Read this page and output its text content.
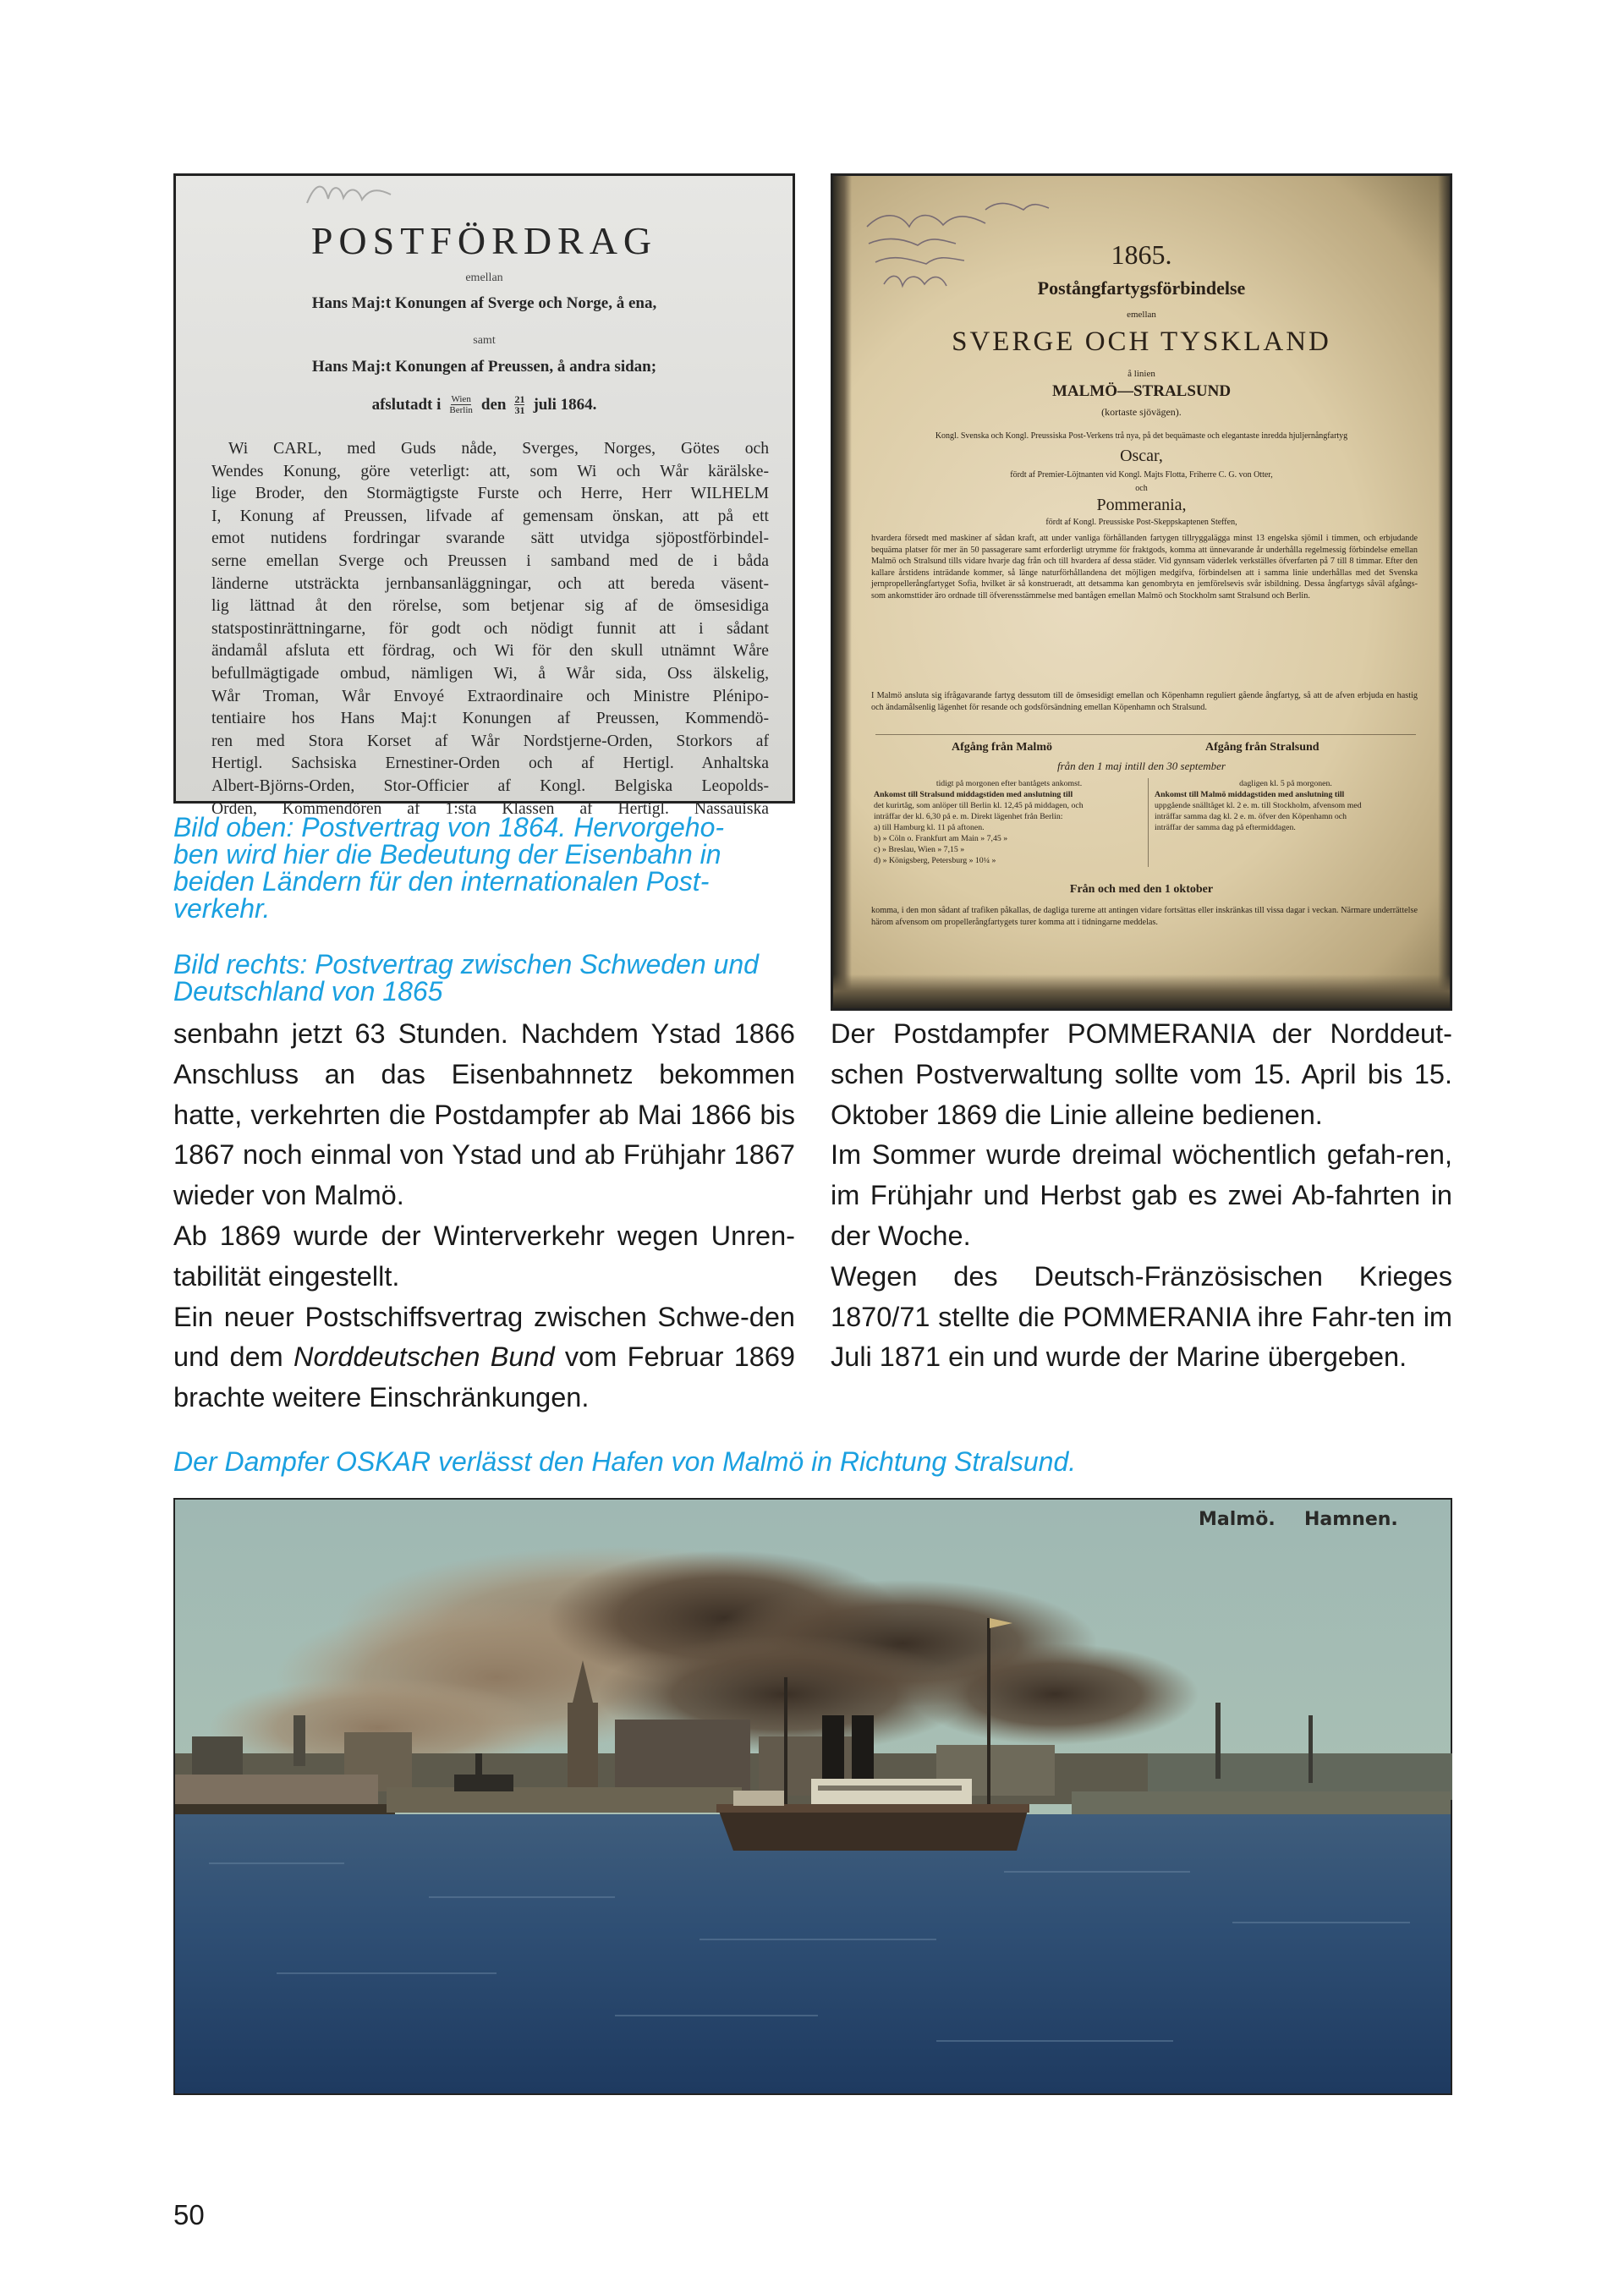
POSTFÖRDRAG
emellan
Hans Maj:t Konungen af Sverge och Norge, å ena,
samt
Hans Maj:t Konungen af Preussen, å andra sidan;
afslutadt i Wien
Berlin den 21
31 juli 1864.
Wi CARL, med Guds nåde, Sverges, Norges, Götes och
Wendes Konung, göre veterligt: att, som Wi och Wår kärälske-
lige Broder, den Stormägtigste Furste och Herre, Herr WILHELM
I, Konung af Preussen, lifvade af gemensam önskan, att på ett
emot nutidens fordringar svarande sätt utvidga sjöpostförbindel-
serne emellan Sverge och Preussen i samband med de i båda
länderne utsträckta jernbansanläggningar, och att bereda väsent-
lig lättnad åt den rörelse, som betjenar sig af de ömsesidiga
statspostinrättningarne, för godt och nödigt funnit att i sådant
ändamål afsluta ett fördrag, och Wi för den skull utnämnt Wåre
befullmägtigade ombud, nämligen Wi, å Wår sida, Oss älskelig,
Wår Troman, Wår Envoyé Extraordinaire och Ministre Plénipo-
tentiaire hos Hans Maj:t Konungen af Preussen, Kommendö-
ren med Stora Korset af Wår Nordstjerne-Orden, Storkors af
Hertigl. Sachsiska Ernestiner-Orden och af Hertigl. Anhaltska
Albert-Björns-Orden, Stor-Officier af Kongl. Belgiska Leopolds-
Orden, Kommendören af 1:sta Klassen af Hertigl. Nassauiska
1865.
Postångfartygsförbindelse
emellan
SVERGE OCH TYSKLAND
å linien
MALMÖ—STRALSUND
(kortaste sjövägen).
Kongl. Svenska och Kongl. Preussiska Post-Verkens trå nya, på det bequämaste och elegantaste inredda hjuljernångfartyg
Oscar,
fördt af Premier-Löjtnanten vid Kongl. Majts Flotta, Friherre C. G. von Otter,
och
Pommerania,
fördt af Kongl. Preussiske Post-Skeppskaptenen Steffen,
hvardera försedt med maskiner af sådan kraft, att under vanliga förhållanden fartygen tillryggalägga minst 13 engelska sjömil i timmen, och erbjudande bequäma platser för mer än 50 passagerare samt erforderligt utrymme för fraktgods, komma att ünnevarande år underhålla regelmessig förbindelse emellan Malmö och Stralsund tills vidare hvarje dag från och till hvardera af dessa städer. Vid gynnsam väderlek verkställes öfverfarten på 7 till 8 timmar. Efter den kallare årstidens inträdande kommer, så länge naturförhållandena det möjligen medgifva, förbindelsen att i samma linie underhållas med det Svenska jernpropellerångfartyget Sofia, hvilket är så konstrueradt, att detsamma kan genombryta en jemförelsevis svår isbildning. Dessa ångfartygs såväl afgångs- som ankomsttider äro ordnade till öfverensstämmelse med bantågen emellan Malmö och Stockholm samt Stralsund och Berlin.
I Malmö ansluta sig ifrågavarande fartyg dessutom till de ömsesidigt emellan och Köpenhamn reguliert gående ångfartyg, så att de afven erbjuda en hastig och ändamålsenlig lägenhet för resande och godsförsändning emellan Köpenhamn och Stralsund.
Afgång från Malmö	Afgång från Stralsund
från den 1 maj intill den 30 september
tidigt på morgonen efter bantågets ankomst.
Ankomst till Stralsund middagstiden med anslutning till
det kurirtåg, som anlöper till Berlin kl. 12,45 på middagen, och
inträffar der kl. 6,30 på e. m. Direkt lägenhet från Berlin:
a) till Hamburg kl. 11 på aftonen.
b) » Cöln o. Frankfurt am Main » 7,45 »
c) » Breslau, Wien » 7,15 »
d) » Königsberg, Petersburg » 10¼ »
dagligen kl. 5 på morgonen.
Ankomst till Malmö middagstiden med anslutning till
uppgående snälltåget kl. 2 e. m. till Stockholm, afvensom med
inträffar samma dag kl. 2 e. m. öfver den Köpenhamn och
inträffar der samma dag på eftermiddagen.
Från och med den 1 oktober
komma, i den mon sådant af trafiken påkallas, de dagliga turerne att antingen vidare fortsättas eller inskränkas till vissa dagar i veckan. Närmare underrättelse härom afvensom om propellerångfartygets turer komma att i tidningarne meddelas.
Bild oben: Postvertrag von 1864. Hervorgeho-
ben wird hier die Bedeutung der Eisenbahn in
beiden Ländern für den internationalen Post-
verkehr.
Bild rechts: Postvertrag zwischen Schweden und
Deutschland von 1865

senbahn jetzt 63 Stunden. Nachdem Ystad 1866 Anschluss an das Eisenbahnnetz bekommen hatte, verkehrten die Postdampfer ab Mai 1866 bis 1867 noch einmal von Ystad und ab Frühjahr 1867 wieder von Malmö.

Ab 1869 wurde der Winterverkehr wegen Unren-tabilität eingestellt.

Ein neuer Postschiffsvertrag zwischen Schwe-den und dem Norddeutschen Bund vom Februar 1869 brachte weitere Einschränkungen.

Der Postdampfer POMMERANIA der Norddeut-schen Postverwaltung sollte vom 15. April bis 15. Oktober 1869 die Linie alleine bedienen.

Im Sommer wurde dreimal wöchentlich gefah-ren, im Frühjahr und Herbst gab es zwei Ab-fahrten in der Woche.

Wegen des Deutsch-Fränzösischen Krieges 1870/71 stellte die POMMERANIA ihre Fahr-ten im Juli 1871 ein und wurde der Marine übergeben.

Der Dampfer OSKAR verlässt den Hafen von Malmö in Richtung Stralsund.
Malmö. Hamnen.
50
